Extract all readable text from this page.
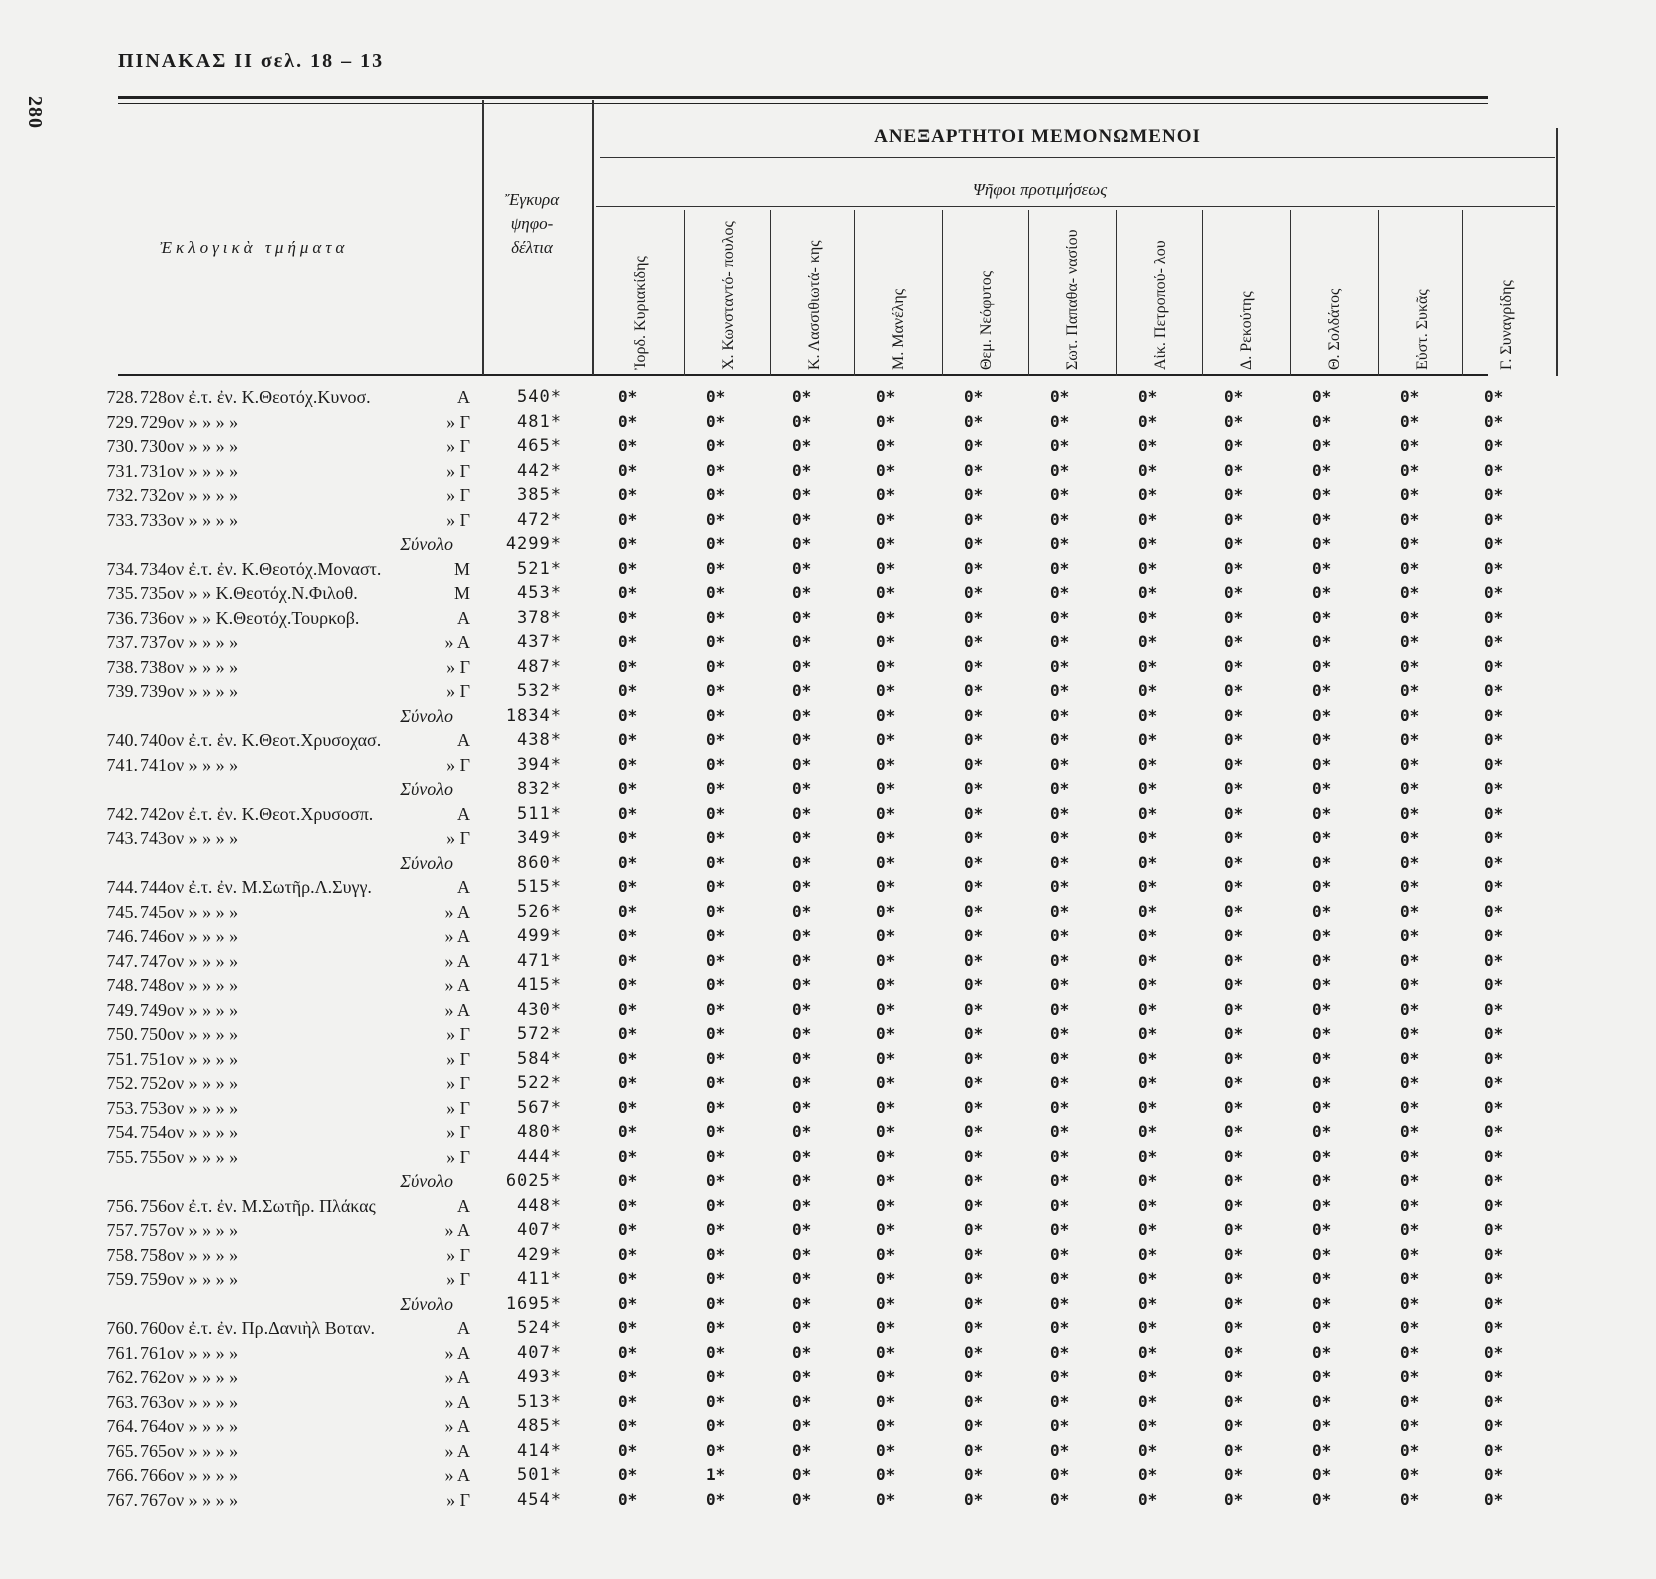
280
ΠΙΝΑΚΑΣ II σελ. 18 – 13
Ἐκλογικὰ τμήματα
Ἔγκυρα ψηφο- δέλτια
ΑΝΕΞΑΡΤΗΤΟΙ ΜΕΜΟΝΩΜΕΝΟΙ
Ψῆφοι προτιμήσεως
Ἰορδ. Κυριακίδης	Χ. Κωνσταντό- πουλος	Κ. Λασσιθιωτά- κης	Μ. Μανέλης	Θεμ. Νεόφυτος	Σωτ. Παπαθα- νασίου	Αἰκ. Πετροπού- λου	Δ. Ρεκούτης	Θ. Σολδάτος	Εὐστ. Συκᾶς	Γ. Συναγρίδης
728. 728ον ἐ.τ. ἐν. Κ.Θεοτόχ.Κυνοσ.	Α	540*	0*	0*	0*	0*	0*	0*	0*	0*	0*	0*	0*
729. 729ον » » » »	» Γ	481*	0*	0*	0*	0*	0*	0*	0*	0*	0*	0*	0*
730. 730ον » » » »	» Γ	465*	0*	0*	0*	0*	0*	0*	0*	0*	0*	0*	0*
731. 731ον » » » »	» Γ	442*	0*	0*	0*	0*	0*	0*	0*	0*	0*	0*	0*
732. 732ον » » » »	» Γ	385*	0*	0*	0*	0*	0*	0*	0*	0*	0*	0*	0*
733. 733ον » » » »	» Γ	472*	0*	0*	0*	0*	0*	0*	0*	0*	0*	0*	0*
Σύνολο	4299*	0*	0*	0*	0*	0*	0*	0*	0*	0*	0*	0*
734. 734ον ἐ.τ. ἐν. Κ.Θεοτόχ.Μοναστ.	Μ	521*	0*	0*	0*	0*	0*	0*	0*	0*	0*	0*	0*
735. 735ον » » Κ.Θεοτόχ.Ν.Φιλοθ.	Μ	453*	0*	0*	0*	0*	0*	0*	0*	0*	0*	0*	0*
736. 736ον » » Κ.Θεοτόχ.Τουρκοβ.	Α	378*	0*	0*	0*	0*	0*	0*	0*	0*	0*	0*	0*
737. 737ον » » » »	» Α	437*	0*	0*	0*	0*	0*	0*	0*	0*	0*	0*	0*
738. 738ον » » » »	» Γ	487*	0*	0*	0*	0*	0*	0*	0*	0*	0*	0*	0*
739. 739ον » » » »	» Γ	532*	0*	0*	0*	0*	0*	0*	0*	0*	0*	0*	0*
Σύνολο	1834*	0*	0*	0*	0*	0*	0*	0*	0*	0*	0*	0*
740. 740ον ἐ.τ. ἐν. Κ.Θεοτ.Χρυσοχασ.	Α	438*	0*	0*	0*	0*	0*	0*	0*	0*	0*	0*	0*
741. 741ον » » » »	» Γ	394*	0*	0*	0*	0*	0*	0*	0*	0*	0*	0*	0*
Σύνολο	832*	0*	0*	0*	0*	0*	0*	0*	0*	0*	0*	0*
742. 742ον ἐ.τ. ἐν. Κ.Θεοτ.Χρυσοσπ.	Α	511*	0*	0*	0*	0*	0*	0*	0*	0*	0*	0*	0*
743. 743ον » » » »	» Γ	349*	0*	0*	0*	0*	0*	0*	0*	0*	0*	0*	0*
Σύνολο	860*	0*	0*	0*	0*	0*	0*	0*	0*	0*	0*	0*
744. 744ον ἐ.τ. ἐν. Μ.Σωτῆρ.Λ.Συγγ.	Α	515*	0*	0*	0*	0*	0*	0*	0*	0*	0*	0*	0*
745. 745ον » » » »	» Α	526*	0*	0*	0*	0*	0*	0*	0*	0*	0*	0*	0*
746. 746ον » » » »	» Α	499*	0*	0*	0*	0*	0*	0*	0*	0*	0*	0*	0*
747. 747ον » » » »	» Α	471*	0*	0*	0*	0*	0*	0*	0*	0*	0*	0*	0*
748. 748ον » » » »	» Α	415*	0*	0*	0*	0*	0*	0*	0*	0*	0*	0*	0*
749. 749ον » » » »	» Α	430*	0*	0*	0*	0*	0*	0*	0*	0*	0*	0*	0*
750. 750ον » » » »	» Γ	572*	0*	0*	0*	0*	0*	0*	0*	0*	0*	0*	0*
751. 751ον » » » »	» Γ	584*	0*	0*	0*	0*	0*	0*	0*	0*	0*	0*	0*
752. 752ον » » » »	» Γ	522*	0*	0*	0*	0*	0*	0*	0*	0*	0*	0*	0*
753. 753ον » » » »	» Γ	567*	0*	0*	0*	0*	0*	0*	0*	0*	0*	0*	0*
754. 754ον » » » »	» Γ	480*	0*	0*	0*	0*	0*	0*	0*	0*	0*	0*	0*
755. 755ον » » » »	» Γ	444*	0*	0*	0*	0*	0*	0*	0*	0*	0*	0*	0*
Σύνολο	6025*	0*	0*	0*	0*	0*	0*	0*	0*	0*	0*	0*
756. 756ον ἐ.τ. ἐν. Μ.Σωτῆρ. Πλάκας	Α	448*	0*	0*	0*	0*	0*	0*	0*	0*	0*	0*	0*
757. 757ον » » » »	» Α	407*	0*	0*	0*	0*	0*	0*	0*	0*	0*	0*	0*
758. 758ον » » » »	» Γ	429*	0*	0*	0*	0*	0*	0*	0*	0*	0*	0*	0*
759. 759ον » » » »	» Γ	411*	0*	0*	0*	0*	0*	0*	0*	0*	0*	0*	0*
Σύνολο	1695*	0*	0*	0*	0*	0*	0*	0*	0*	0*	0*	0*
760. 760ον ἐ.τ. ἐν. Πρ.Δανιὴλ Βοταν.	Α	524*	0*	0*	0*	0*	0*	0*	0*	0*	0*	0*	0*
761. 761ον » » » »	» Α	407*	0*	0*	0*	0*	0*	0*	0*	0*	0*	0*	0*
762. 762ον » » » »	» Α	493*	0*	0*	0*	0*	0*	0*	0*	0*	0*	0*	0*
763. 763ον » » » »	» Α	513*	0*	0*	0*	0*	0*	0*	0*	0*	0*	0*	0*
764. 764ον » » » »	» Α	485*	0*	0*	0*	0*	0*	0*	0*	0*	0*	0*	0*
765. 765ον » » » »	» Α	414*	0*	0*	0*	0*	0*	0*	0*	0*	0*	0*	0*
766. 766ον » » » »	» Α	501*	0*	1*	0*	0*	0*	0*	0*	0*	0*	0*	0*
767. 767ον » » » »	» Γ	454*	0*	0*	0*	0*	0*	0*	0*	0*	0*	0*	0*
